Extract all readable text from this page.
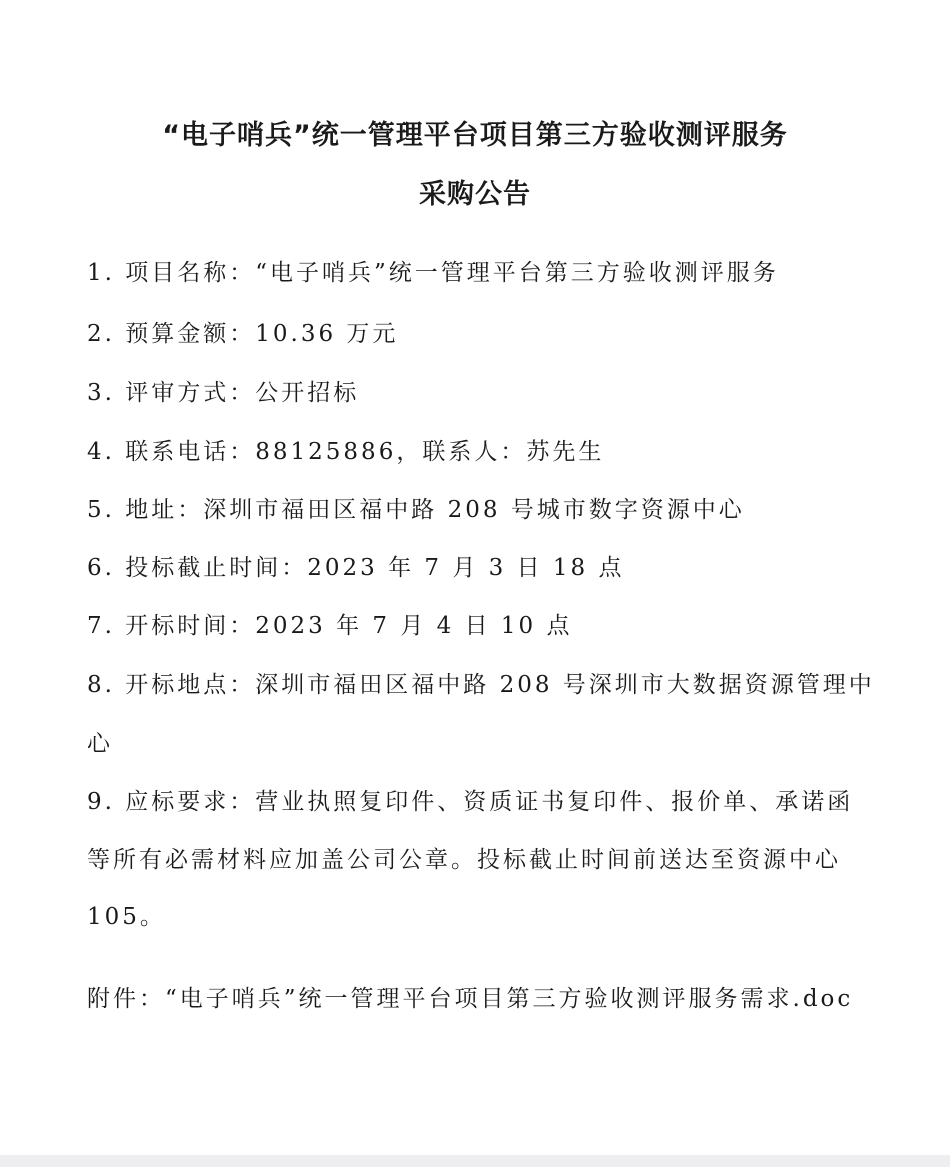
“电子哨兵”统一管理平台项目第三方验收测评服务
采购公告
1. 项目名称：“电子哨兵”统一管理平台第三方验收测评服务
2. 预算金额：10.36 万元
3. 评审方式：公开招标
4. 联系电话：88125886，联系人：苏先生
5. 地址：深圳市福田区福中路 208 号城市数字资源中心
6. 投标截止时间：2023 年 7 月 3 日 18 点
7. 开标时间：2023 年 7 月 4 日 10 点
8. 开标地点：深圳市福田区福中路 208 号深圳市大数据资源管理中
心
9. 应标要求：营业执照复印件、资质证书复印件、报价单、承诺函
等所有必需材料应加盖公司公章。投标截止时间前送达至资源中心
105。
附件：“电子哨兵”统一管理平台项目第三方验收测评服务需求.doc
